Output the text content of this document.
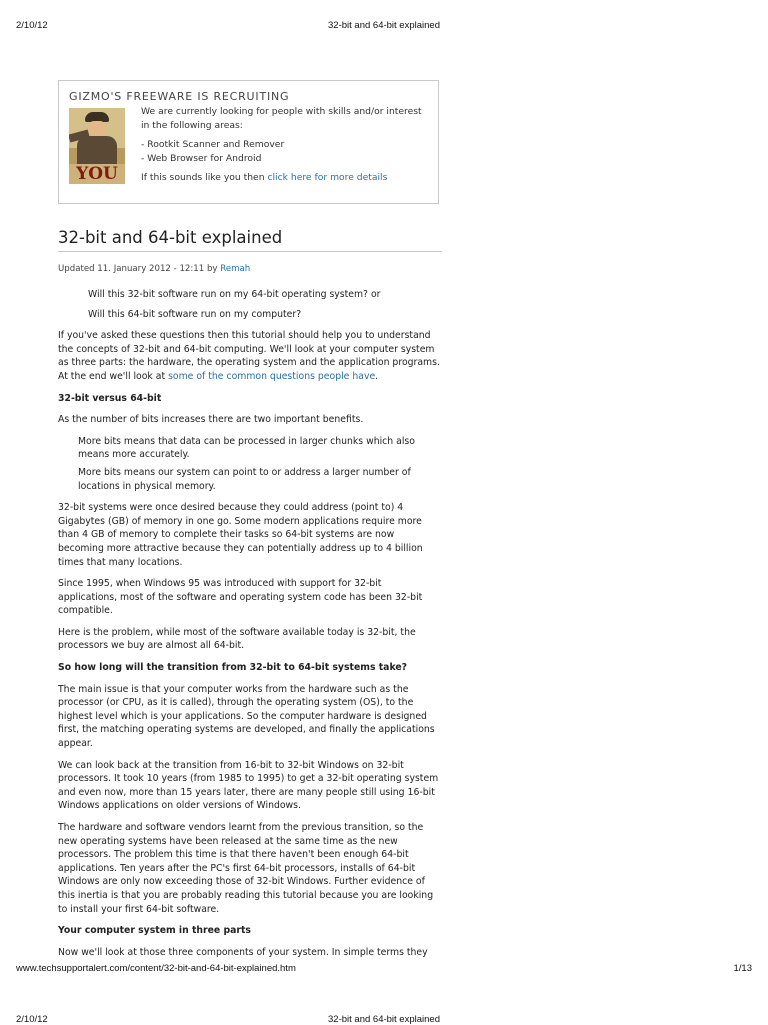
2/10/12	32-bit and 64-bit explained
GIZMO'S FREEWARE IS RECRUITING
YOU

We are currently looking for people with skills and/or interest in the following areas:

- Rootkit Scanner and Remover

- Web Browser for Android

If this sounds like you then click here for more details

32-bit and 64-bit explained
Updated 11. January 2012 - 12:11 by Remah

Will this 32-bit software run on my 64-bit operating system? or

Will this 64-bit software run on my computer?

If you've asked these questions then this tutorial should help you to understand the concepts of 32-bit and 64-bit computing. We'll look at your computer system as three parts: the hardware, the operating system and the application programs. At the end we'll look at some of the common questions people have.

32-bit versus 64-bit

As the number of bits increases there are two important benefits.

More bits means that data can be processed in larger chunks which also means more accurately.

More bits means our system can point to or address a larger number of locations in physical memory.

32-bit systems were once desired because they could address (point to) 4 Gigabytes (GB) of memory in one go. Some modern applications require more than 4 GB of memory to complete their tasks so 64-bit systems are now becoming more attractive because they can potentially address up to 4 billion times that many locations.

Since 1995, when Windows 95 was introduced with support for 32-bit applications, most of the software and operating system code has been 32-bit compatible.

Here is the problem, while most of the software available today is 32-bit, the processors we buy are almost all 64-bit.

So how long will the transition from 32-bit to 64-bit systems take?

The main issue is that your computer works from the hardware such as the processor (or CPU, as it is called), through the operating system (OS), to the highest level which is your applications. So the computer hardware is designed first, the matching operating systems are developed, and finally the applications appear.

We can look back at the transition from 16-bit to 32-bit Windows on 32-bit processors. It took 10 years (from 1985 to 1995) to get a 32-bit operating system and even now, more than 15 years later, there are many people still using 16-bit Windows applications on older versions of Windows.

The hardware and software vendors learnt from the previous transition, so the new operating systems have been released at the same time as the new processors. The problem this time is that there haven't been enough 64-bit applications. Ten years after the PC's first 64-bit processors, installs of 64-bit Windows are only now exceeding those of 32-bit Windows. Further evidence of this inertia is that you are probably reading this tutorial because you are looking to install your first 64-bit software.

Your computer system in three parts

Now we'll look at those three components of your system. In simple terms they

www.techsupportalert.com/content/32-bit-and-64-bit-explained.htm	1/13
2/10/12	32-bit and 64-bit explained
